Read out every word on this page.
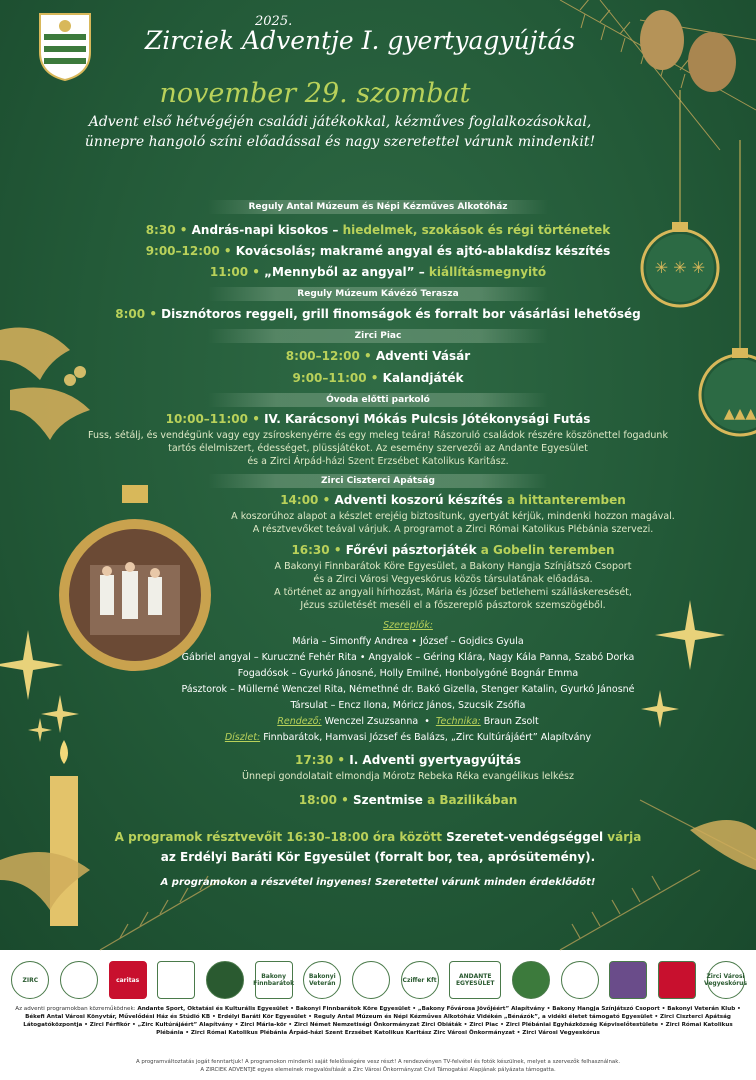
✳ ✳ ✳
▲▲▲
2025.
Zirciek Adventje I. gyertyagyújtás
november 29. szombat
Advent első hétvégéjén családi játékokkal, kézműves foglalkozásokkal, ünnepre hangoló színi előadással és nagy szeretettel várunk mindenkit!
Reguly Antal Múzeum és Népi Kézműves Alkotóház
8:30 • András-napi kisokos – hiedelmek, szokások és régi történetek
9:00–12:00 • Kovácsolás; makramé angyal és ajtó-ablakdísz készítés
11:00 • „Mennyből az angyal” – kiállításmegnyitó
Reguly Múzeum Kávézó Terasza
8:00 • Disznótoros reggeli, grill finomságok és forralt bor vásárlási lehetőség
Zirci Piac
8:00–12:00 • Adventi Vásár
9:00–11:00 • Kalandjáték
Óvoda előtti parkoló
10:00–11:00 • IV. Karácsonyi Mókás Pulcsis Jótékonysági Futás
Fuss, sétálj, és vendégünk vagy egy zsíroskenyérre és egy meleg teára! Rászoruló családok részére köszönettel fogadunk
tartós élelmiszert, édességet, plüssjátékot. Az esemény szervezői az Andante Egyesület
és a Zirci Árpád-házi Szent Erzsébet Katolikus Karitász.
Zirci Ciszterci Apátság
14:00 • Adventi koszorú készítés a hittanteremben
A koszorúhoz alapot a készlet erejéig biztosítunk, gyertyát kérjük, mindenki hozzon magával.
A résztvevőket teával várjuk. A programot a Zirci Római Katolikus Plébánia szervezi.
16:30 • Főrévi pásztorjáték a Gobelin teremben
A Bakonyi Finnbarátok Köre Egyesület, a Bakony Hangja Színjátszó Csoport
és a Zirci Városi Vegyeskórus közös társulatának előadása.
A történet az angyali hírhozást, Mária és József betlehemi szálláskeresését,
Jézus születését meséli el a főszereplő pásztorok szemszögéből.
Szereplők:
Mária – Simonffy Andrea • József – Gojdics Gyula
Gábriel angyal – Kuruczné Fehér Rita • Angyalok – Géring Klára, Nagy Kála Panna, Szabó Dorka
Fogadósok – Gyurkó Jánosné, Holly Emilné, Honbolygóné Bognár Emma
Pásztorok – Müllerné Wenczel Rita, Némethné dr. Bakó Gizella, Stenger Katalin, Gyurkó Jánosné
Társulat – Encz Ilona, Móricz János, Szucsik Zsófia
Rendező: Wenczel Zsuzsanna  •  Technika: Braun Zsolt
Díszlet: Finnbarátok, Hamvasi József és Balázs, „Zirc Kultúrájáért” Alapítvány
17:30 • I. Adventi gyertyagyújtás
Ünnepi gondolatait elmondja Mórotz Rebeka Réka evangélikus lelkész
18:00 • Szentmise a Bazilikában
A programok résztvevőit 16:30–18:00 óra között Szeretet-vendégséggel várja
az Erdélyi Baráti Kör Egyesület (forralt bor, tea, aprósütemény).
A programokon a részvétel ingyenes! Szeretettel várunk minden érdeklődőt!
ZIRC	caritas	Bakony Finnbarátok
Bakonyi Veterán	Cziffer Kft	ANDANTE EGYESÜLET
Zirci Városi Vegyeskórus
Az adventi programokban közreműködnek: Andante Sport, Oktatási és Kulturális Egyesület • Bakonyi Finnbarátok Köre Egyesület • „Bakony Fővárosa Jövőjéért” Alapítvány • Bakony Hangja Színjátszó Csoport • Bakonyi Veterán Klub • Békefi Antal Városi Könyvtár, Művelődési Ház és Stúdió KB • Erdélyi Baráti Kör Egyesület • Reguly Antal Múzeum és Népi Kézműves Alkotóház Vidékén „Bénázók”, a vidéki életet támogató Egyesület • Zirci Ciszterci Apátság Látogatóközpontja • Zirci Férfikór • „Zirc Kultúrájáért” Alapítvány • Zirci Mária-kör • Zirci Német Nemzetiségi Önkormányzat Zirci Obiáták • Zirci Piac • Zirci Plébániai Egyházközség Képviselőtestülete • Zirci Római Katolikus Plébánia • Zirci Római Katolikus Plébánia Árpád-házi Szent Erzsébet Katolikus Karitász Zirc Városi Önkormányzat • Zirci Városi Vegyeskórus
A programváltoztatás jogát fenntartjuk! A programokon mindenki saját felelősségére vesz részt! A rendezvényen TV-felvétel és fotók készülnek, melyet a szervezők felhasználnak.
A ZIRCIEK ADVENTJE egyes elemeinek megvalósítását a Zirc Városi Önkormányzat Civil Támogatási Alapjának pályázata támogatta.
